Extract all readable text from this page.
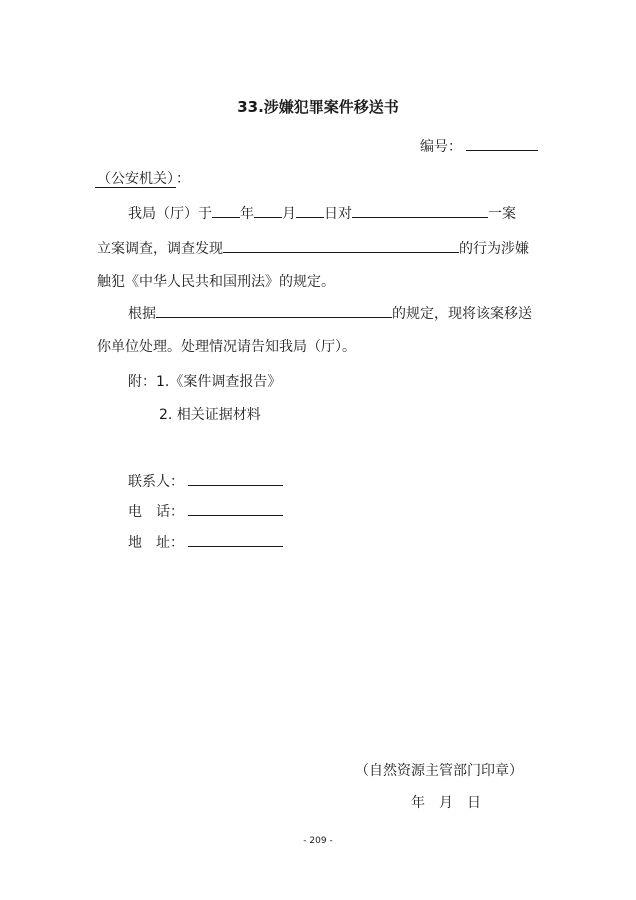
33.涉嫌犯罪案件移送书
编号：
（公安机关） ：
我局（厅）于 年 月 日对	一案
立案调查，调查发现	的行为涉嫌
触犯《中华人民共和国刑法》的规定。
根据	的规定，现将该案移送
你单位处理。处理情况请告知我局（厅）。
附：1.《案件调查报告》
2. 相关证据材料
联系人：
电　话：
地　址：
（自然资源主管部门印章）
年　月　日
- 209 -
